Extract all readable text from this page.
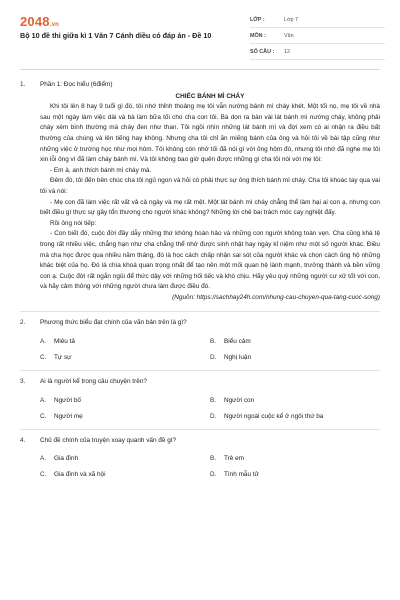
2048.vn
Bộ 10 đề thi giữa kì 1 Văn 7 Cánh diều có đáp án - Đề 10
LỚP :	Lớp 7
MÔN :	Văn
SỐ CÂU :	12
1.	Phần 1: Đọc hiểu (6điểm)
CHIẾC BÁNH MÌ CHÁY

Khi tôi lên 8 hay 9 tuổi gì đó, tôi nhớ thỉnh thoảng mẹ tôi vẫn nướng bánh mì cháy khét. Một tối nọ, mẹ tôi về nhà sau một ngày làm việc dài và bà làm bữa tối cho cha con tôi. Bà dọn ra bàn vài lát bánh mì nướng cháy, không phải cháy xém bình thường mà cháy đen như than. Tôi ngồi nhìn những lát bánh mì và đợi xem có ai nhận ra điều bất thường của chúng và lên tiếng hay không. Nhưng cha tôi chỉ ăn miếng bánh của ông và hỏi tôi về bài tập cũng như những việc ở trường học như mọi hôm. Tôi không còn nhớ tối đã nói gì với ông hôm đó, nhưng tôi nhớ đã nghe mẹ tôi xin lỗi ông vì đã làm cháy bánh mì. Và tôi không bao giờ quên được những gì cha tôi nói với mẹ tôi:

- Em à, anh thích bánh mì cháy mà.

Đêm đó, tôi đến bên chúc cha tôi ngủ ngon và hỏi có phải thực sự ông thích bánh mì cháy. Cha tôi khoác tay qua vai tôi và nói:

- Mẹ con đã làm việc rất vất vả cả ngày và mẹ rất mệt. Một lát bánh mì cháy chẳng thể làm hại ai con ạ, nhưng con biết điều gì thực sự gây tổn thương cho người khác không? Những lời chê bai trách móc cay nghiệt đấy.

Rồi ông nói tiếp:

- Con biết đó, cuộc đời đầy dẫy những thứ không hoàn hảo và những con người không toàn vẹn. Cha cũng khá tệ trong rất nhiều việc, chẳng hạn như cha chẳng thể nhớ được sinh nhật hay ngày kỉ niệm như một số người khác. Điều mà cha học được qua nhiều năm tháng, đó là học cách chấp nhận sai sót của người khác và chọn cách ủng hộ những khác biệt của họ. Đó là chìa khoá quan trọng nhất để tạo nên một mối quan hệ lành mạnh, trưởng thành và bền vững con ạ. Cuộc đời rất ngắn ngủi để thức dậy với những hối tiếc và khó chịu. Hãy yêu quý những người cư xử tốt với con, và hãy cảm thông với những người chưa làm được điều đó.

(Nguồn: https://sachhay24h.com/nhung-cau-chuyen-qua-tang-cuoc-song)
2.	Phương thức biểu đạt chính của văn bản trên là gì?
A.	Miêu tả	B.	Biểu cảm
C.	Tự sự	D.	Nghị luận
3.	Ai là người kể trong câu chuyện trên?
A.	Người bố	B.	Người con
C.	Người mẹ	D.	Người ngoài cuộc kể ở ngôi thứ ba
4.	Chủ đề chính của truyện xoay quanh vấn đề gì?
A.	Gia đình	B.	Trẻ em
C.	Gia đình và xã hội	D.	Tình mẫu tử
